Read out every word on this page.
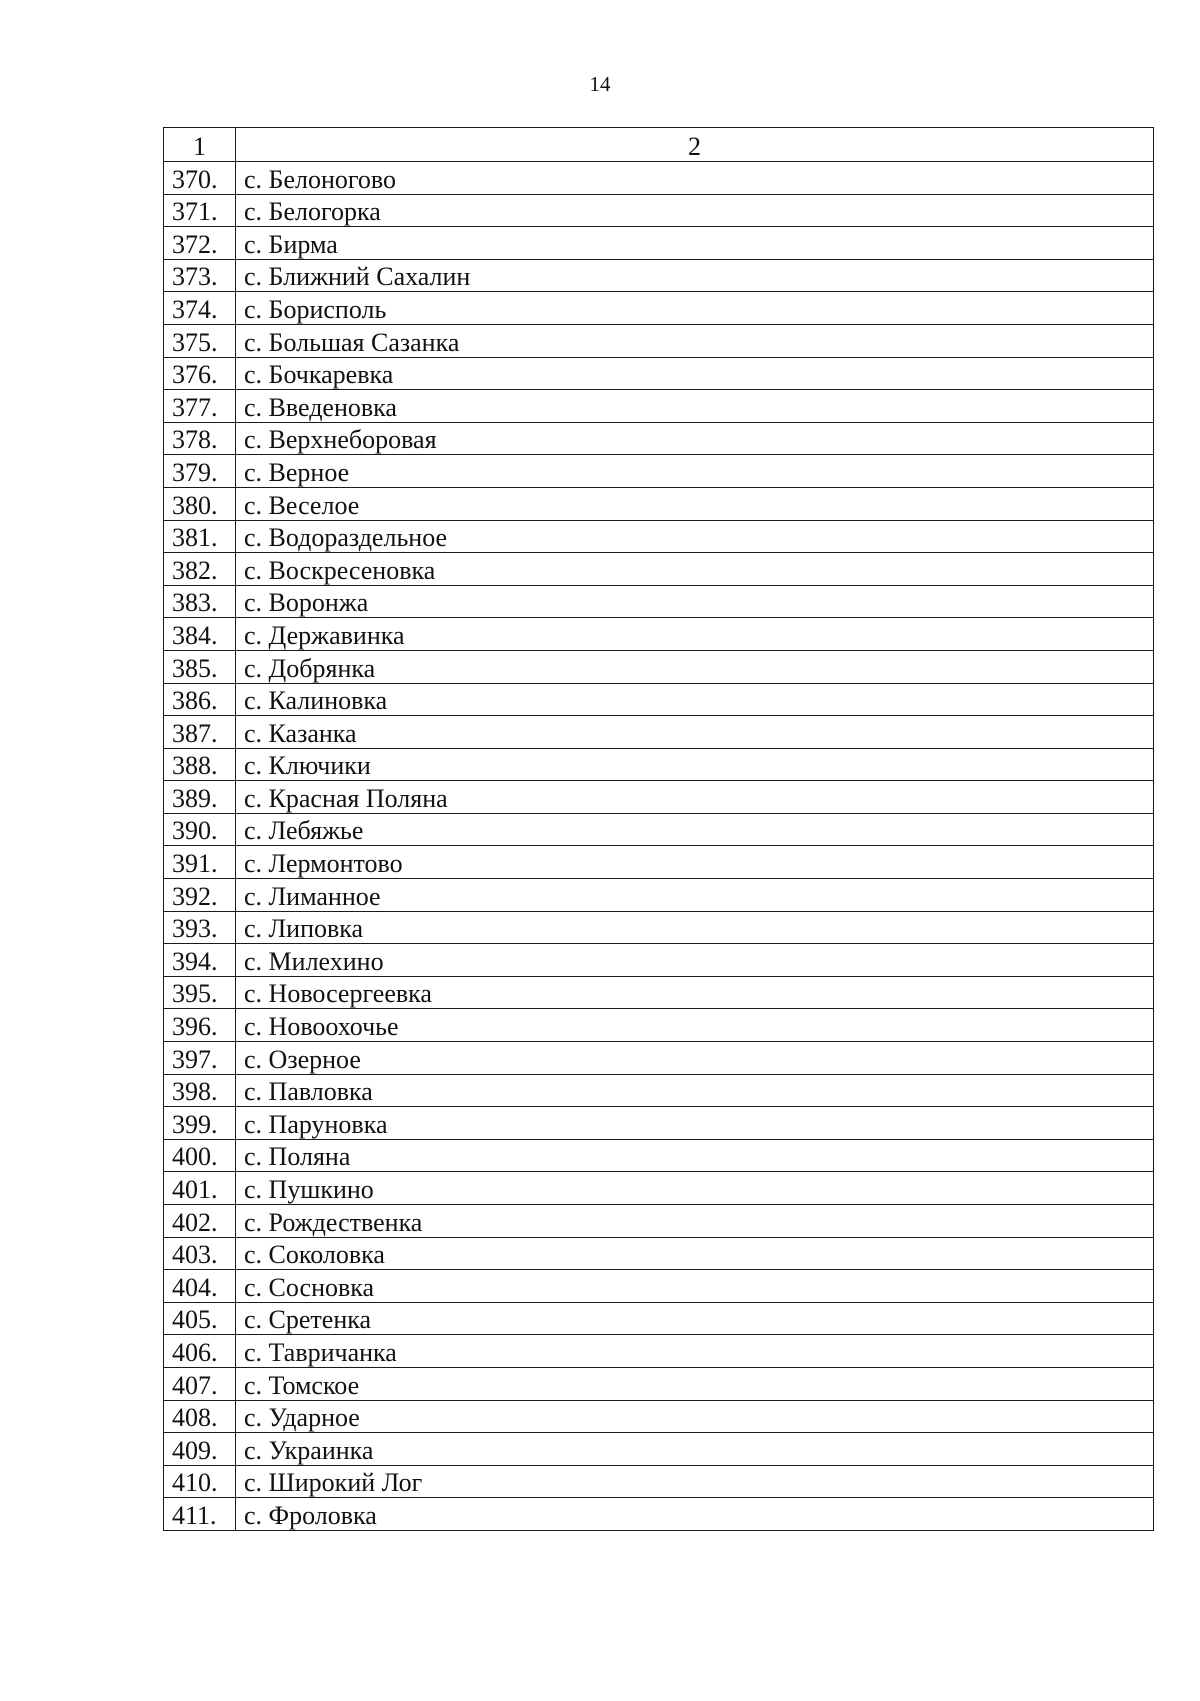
14
1	2
370.	с. Белоногово
371.	с. Белогорка
372.	с. Бирма
373.	с. Ближний Сахалин
374.	с. Борисполь
375.	с. Большая Сазанка
376.	с. Бочкаревка
377.	с. Введеновка
378.	с. Верхнеборовая
379.	с. Верное
380.	с. Веселое
381.	с. Водораздельное
382.	с. Воскресеновка
383.	с. Воронжа
384.	с. Державинка
385.	с. Добрянка
386.	с. Калиновка
387.	с. Казанка
388.	с. Ключики
389.	с. Красная Поляна
390.	с. Лебяжье
391.	с. Лермонтово
392.	с. Лиманное
393.	с. Липовка
394.	с. Милехино
395.	с. Новосергеевка
396.	с. Новоохочье
397.	с. Озерное
398.	с. Павловка
399.	с. Паруновка
400.	с. Поляна
401.	с. Пушкино
402.	с. Рождественка
403.	с. Соколовка
404.	с. Сосновка
405.	с. Сретенка
406.	с. Тавричанка
407.	с. Томское
408.	с. Ударное
409.	с. Украинка
410.	с. Широкий Лог
411.	с. Фроловка
